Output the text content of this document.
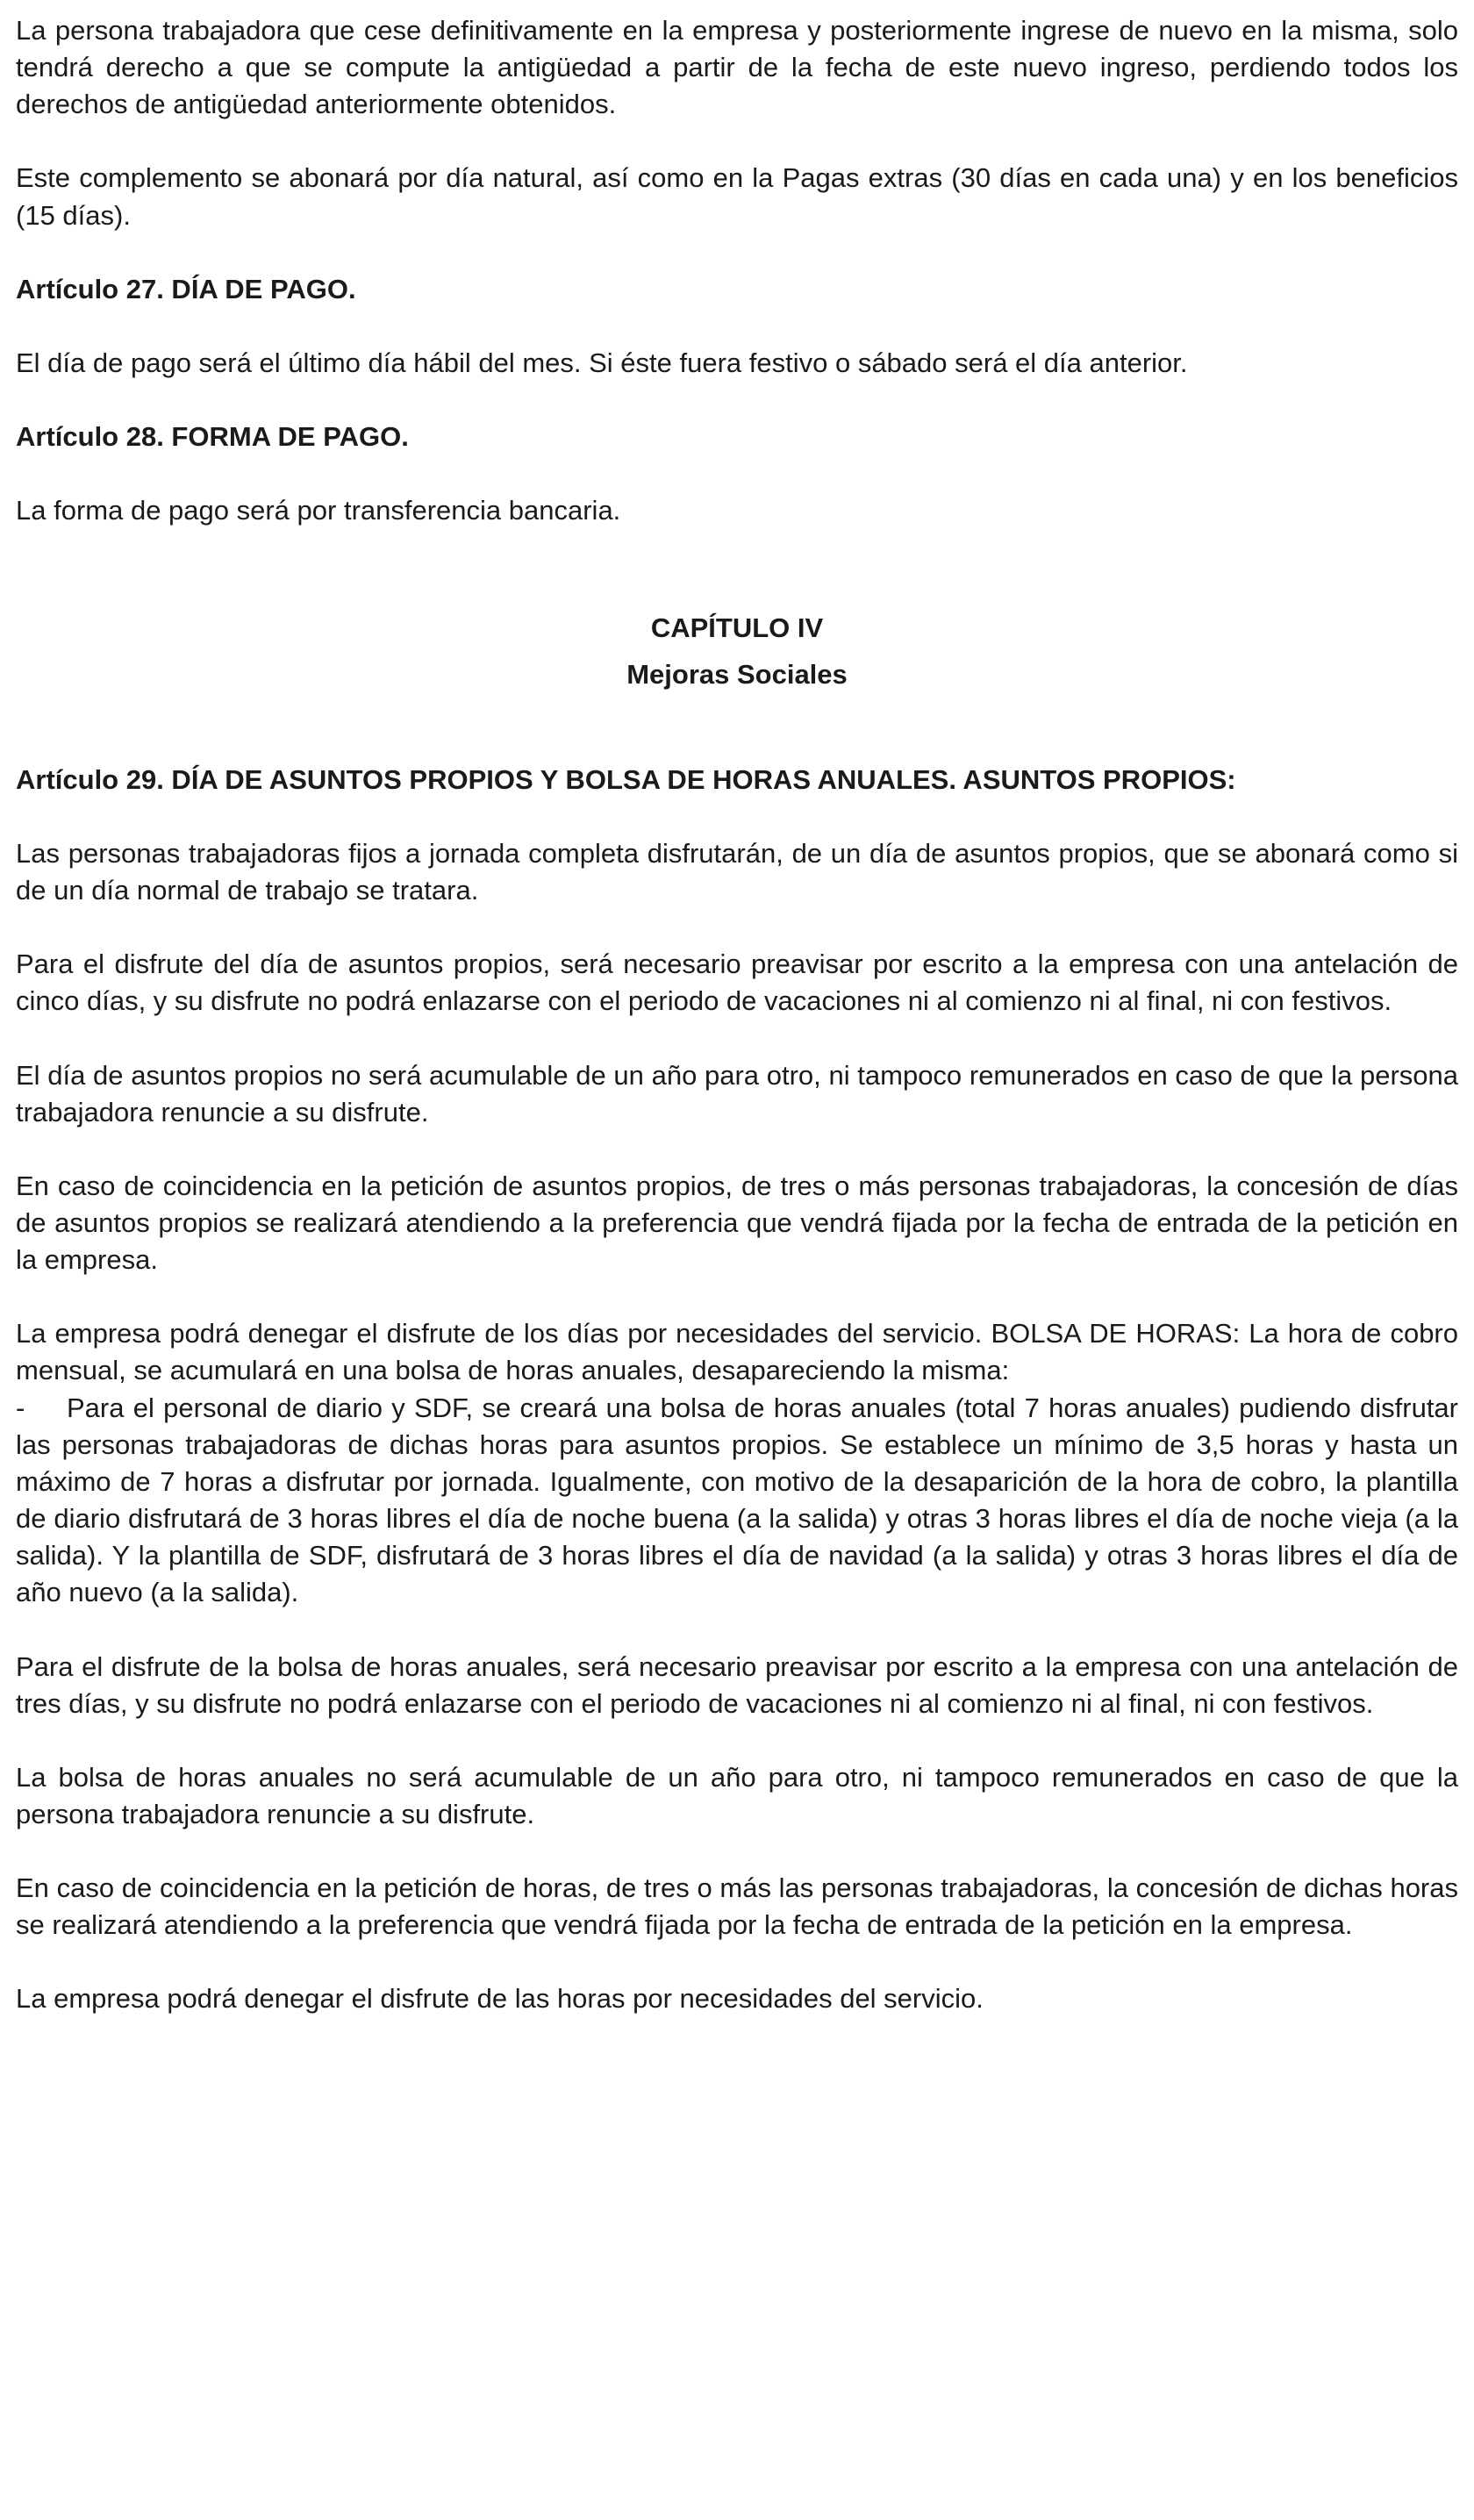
La persona trabajadora que cese definitivamente en la empresa y posteriormente ingrese de nuevo en la misma, solo tendrá derecho a que se compute la antigüedad a partir de la fecha de este nuevo ingreso, perdiendo todos los derechos de antigüedad anteriormente obtenidos.

Este complemento se abonará por día natural, así como en la Pagas extras (30 días en cada una) y en los beneficios (15 días).

Artículo 27. DÍA DE PAGO.

El día de pago será el último día hábil del mes. Si éste fuera festivo o sábado será el día anterior.

Artículo 28. FORMA DE PAGO.

La forma de pago será por transferencia bancaria.

CAPÍTULO IV

Mejoras Sociales

Artículo 29. DÍA DE ASUNTOS PROPIOS Y BOLSA DE HORAS ANUALES. ASUNTOS PROPIOS:

Las personas trabajadoras fijos a jornada completa disfrutarán, de un día de asuntos propios, que se abonará como si de un día normal de trabajo se tratara.

Para el disfrute del día de asuntos propios, será necesario preavisar por escrito a la empresa con una antelación de cinco días, y su disfrute no podrá enlazarse con el periodo de vacaciones ni al comienzo ni al final, ni con festivos.

El día de asuntos propios no será acumulable de un año para otro, ni tampoco remunerados en caso de que la persona trabajadora renuncie a su disfrute.

En caso de coincidencia en la petición de asuntos propios, de tres o más personas trabajadoras, la concesión de días de asuntos propios se realizará atendiendo a la preferencia que vendrá fijada por la fecha de entrada de la petición en la empresa.

La empresa podrá denegar el disfrute de los días por necesidades del servicio. BOLSA DE HORAS: La hora de cobro mensual, se acumulará en una bolsa de horas anuales, desapareciendo la misma:

- Para el personal de diario y SDF, se creará una bolsa de horas anuales (total 7 horas anuales) pudiendo disfrutar las personas trabajadoras de dichas horas para asuntos propios. Se establece un mínimo de 3,5 horas y hasta un máximo de 7 horas a disfrutar por jornada. Igualmente, con motivo de la desaparición de la hora de cobro, la plantilla de diario disfrutará de 3 horas libres el día de noche buena (a la salida) y otras 3 horas libres el día de noche vieja (a la salida). Y la plantilla de SDF, disfrutará de 3 horas libres el día de navidad (a la salida) y otras 3 horas libres el día de año nuevo (a la salida).

Para el disfrute de la bolsa de horas anuales, será necesario preavisar por escrito a la empresa con una antelación de tres días, y su disfrute no podrá enlazarse con el periodo de vacaciones ni al comienzo ni al final, ni con festivos.

La bolsa de horas anuales no será acumulable de un año para otro, ni tampoco remunerados en caso de que la persona trabajadora renuncie a su disfrute.

En caso de coincidencia en la petición de horas, de tres o más las personas trabajadoras, la concesión de dichas horas se realizará atendiendo a la preferencia que vendrá fijada por la fecha de entrada de la petición en la empresa.

La empresa podrá denegar el disfrute de las horas por necesidades del servicio.
